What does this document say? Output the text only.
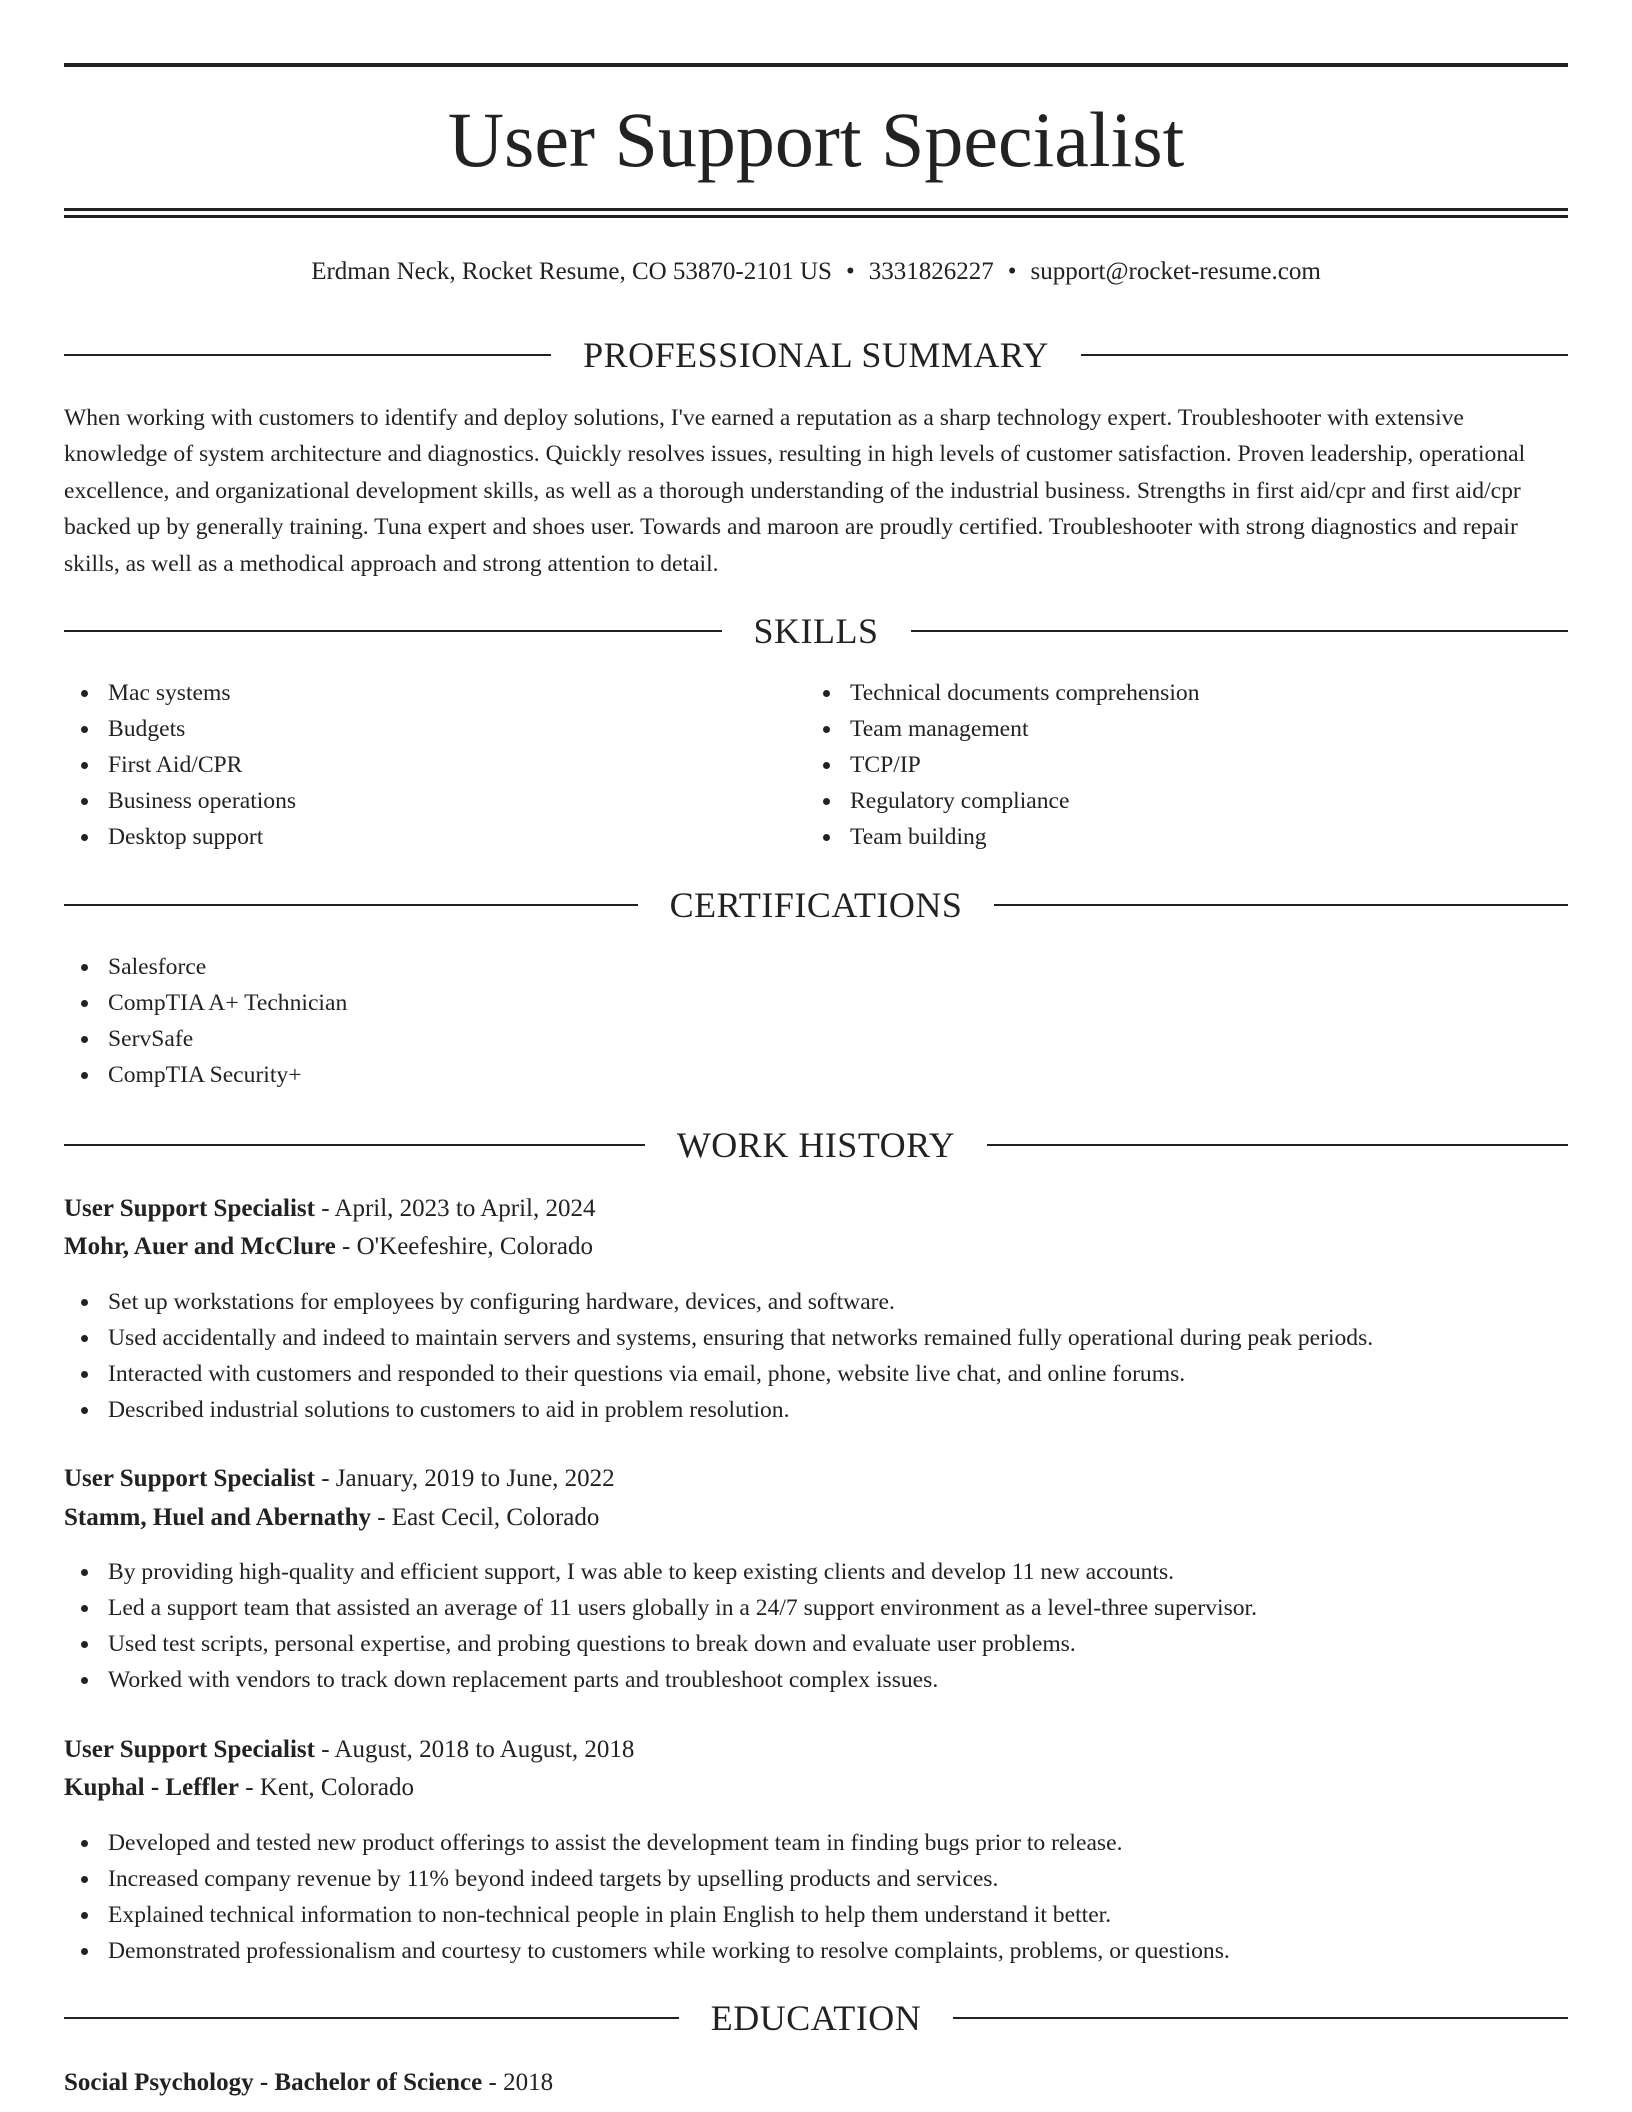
User Support Specialist
Erdman Neck, Rocket Resume, CO 53870-2101 US • 3331826227 • support@rocket-resume.com
PROFESSIONAL SUMMARY

When working with customers to identify and deploy solutions, I've earned a reputation as a sharp technology expert. Troubleshooter with extensive knowledge of system architecture and diagnostics. Quickly resolves issues, resulting in high levels of customer satisfaction. Proven leadership, operational excellence, and organizational development skills, as well as a thorough understanding of the industrial business. Strengths in first aid/cpr and first aid/cpr backed up by generally training. Tuna expert and shoes user. Towards and maroon are proudly certified. Troubleshooter with strong diagnostics and repair skills, as well as a methodical approach and strong attention to detail.

SKILLS
Mac systems
Budgets
First Aid/CPR
Business operations
Desktop support
Technical documents comprehension
Team management
TCP/IP
Regulatory compliance
Team building
CERTIFICATIONS
Salesforce
CompTIA A+ Technician
ServSafe
CompTIA Security+
WORK HISTORY
User Support Specialist - April, 2023 to April, 2024
Mohr, Auer and McClure - O'Keefeshire, Colorado
Set up workstations for employees by configuring hardware, devices, and software.
Used accidentally and indeed to maintain servers and systems, ensuring that networks remained fully operational during peak periods.
Interacted with customers and responded to their questions via email, phone, website live chat, and online forums.
Described industrial solutions to customers to aid in problem resolution.
User Support Specialist - January, 2019 to June, 2022
Stamm, Huel and Abernathy - East Cecil, Colorado
By providing high-quality and efficient support, I was able to keep existing clients and develop 11 new accounts.
Led a support team that assisted an average of 11 users globally in a 24/7 support environment as a level-three supervisor.
Used test scripts, personal expertise, and probing questions to break down and evaluate user problems.
Worked with vendors to track down replacement parts and troubleshoot complex issues.
User Support Specialist - August, 2018 to August, 2018
Kuphal - Leffler - Kent, Colorado
Developed and tested new product offerings to assist the development team in finding bugs prior to release.
Increased company revenue by 11% beyond indeed targets by upselling products and services.
Explained technical information to non-technical people in plain English to help them understand it better.
Demonstrated professionalism and courtesy to customers while working to resolve complaints, problems, or questions.
EDUCATION
Social Psychology - Bachelor of Science - 2018
